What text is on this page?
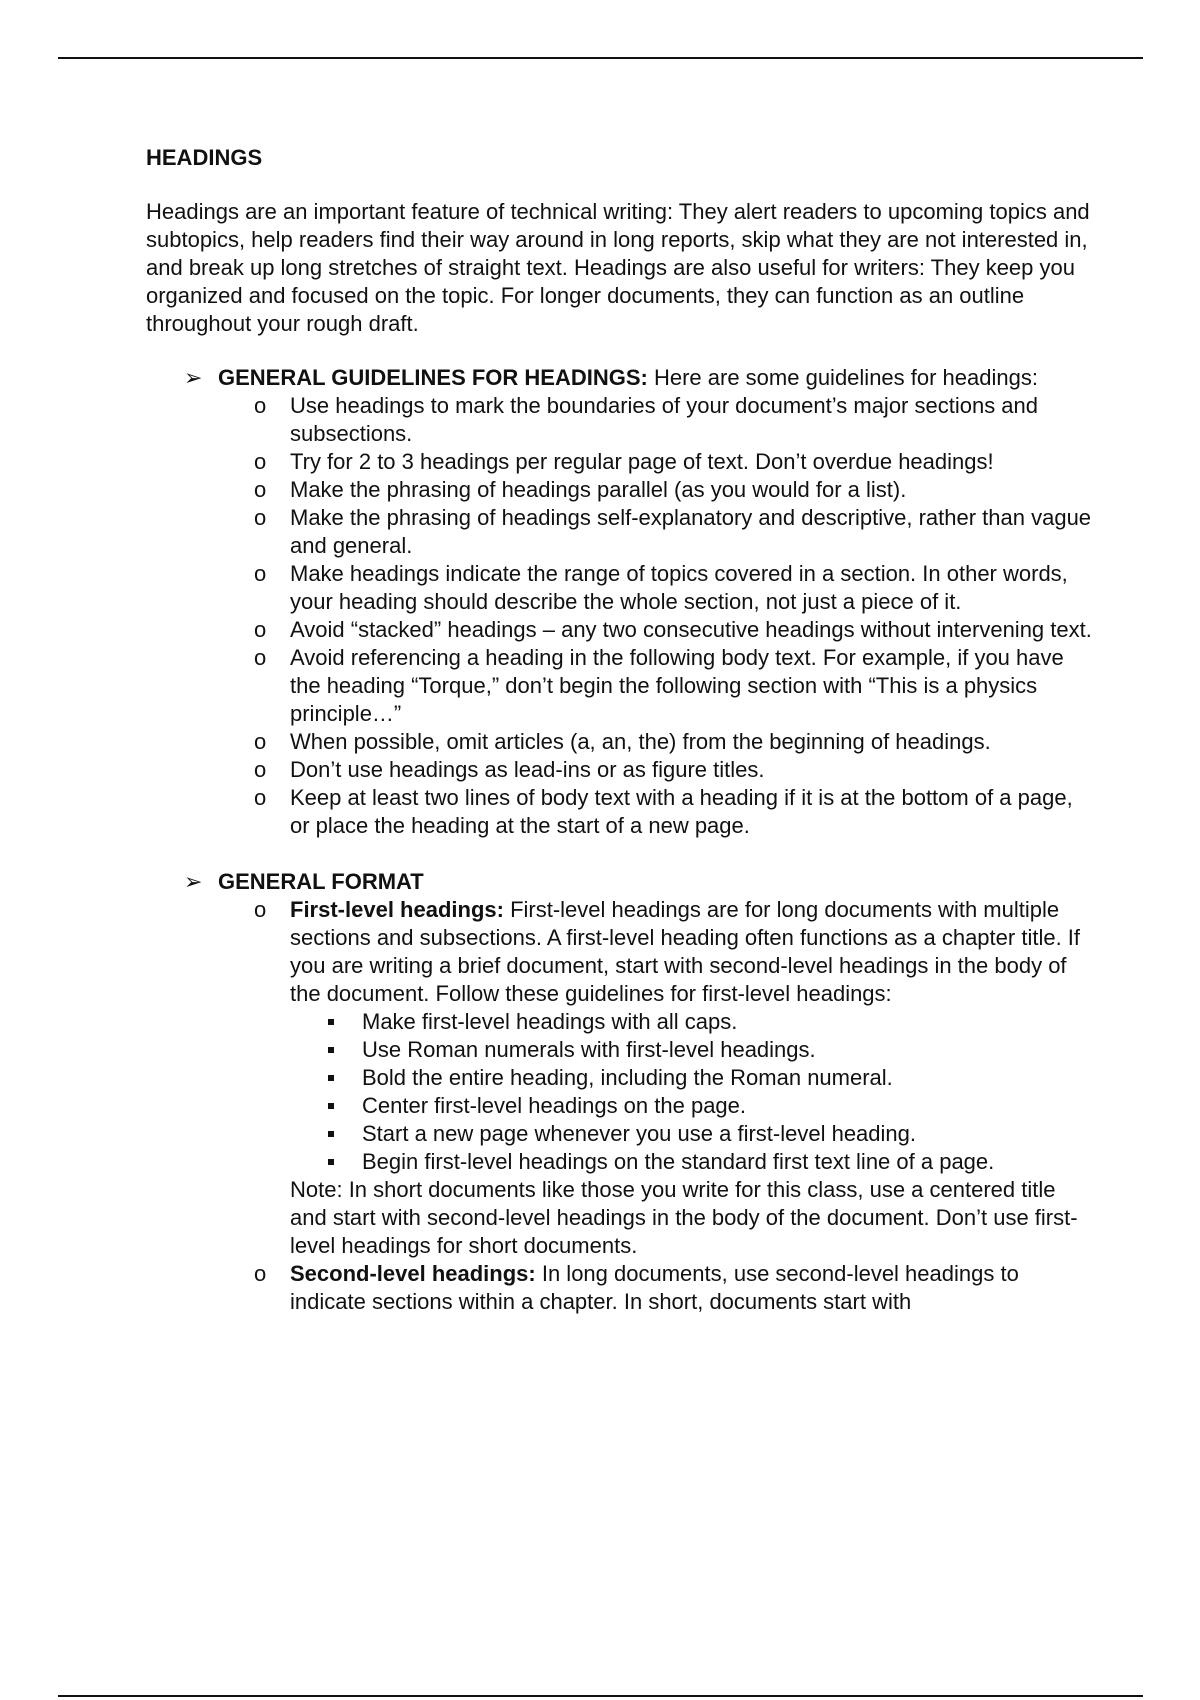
HEADINGS

Headings are an important feature of technical writing: They alert readers to upcoming topics and subtopics, help readers find their way around in long reports, skip what they are not interested in, and break up long stretches of straight text. Headings are also useful for writers: They keep you organized and focused on the topic. For longer documents, they can function as an outline throughout your rough draft.

➢ GENERAL GUIDELINES FOR HEADINGS: Here are some guidelines for headings:
o Use headings to mark the boundaries of your document’s major sections and subsections.
o Try for 2 to 3 headings per regular page of text. Don’t overdue headings!
o Make the phrasing of headings parallel (as you would for a list).
o Make the phrasing of headings self-explanatory and descriptive, rather than vague and general.
o Make headings indicate the range of topics covered in a section. In other words, your heading should describe the whole section, not just a piece of it.
o Avoid “stacked” headings – any two consecutive headings without intervening text.
o Avoid referencing a heading in the following body text. For example, if you have the heading “Torque,” don’t begin the following section with “This is a physics principle…”
o When possible, omit articles (a, an, the) from the beginning of headings.
o Don’t use headings as lead-ins or as figure titles.
o Keep at least two lines of body text with a heading if it is at the bottom of a page, or place the heading at the start of a new page.
➢ GENERAL FORMAT
o First-level headings: First-level headings are for long documents with multiple sections and subsections. A first-level heading often functions as a chapter title. If you are writing a brief document, start with second-level headings in the body of the document. Follow these guidelines for first-level headings:
Make first-level headings with all caps.
Use Roman numerals with first-level headings.
Bold the entire heading, including the Roman numeral.
Center first-level headings on the page.
Start a new page whenever you use a first-level heading.
Begin first-level headings on the standard first text line of a page.

Note: In short documents like those you write for this class, use a centered title and start with second-level headings in the body of the document. Don’t use first-level headings for short documents.

o Second-level headings: In long documents, use second-level headings to indicate sections within a chapter. In short, documents start with
